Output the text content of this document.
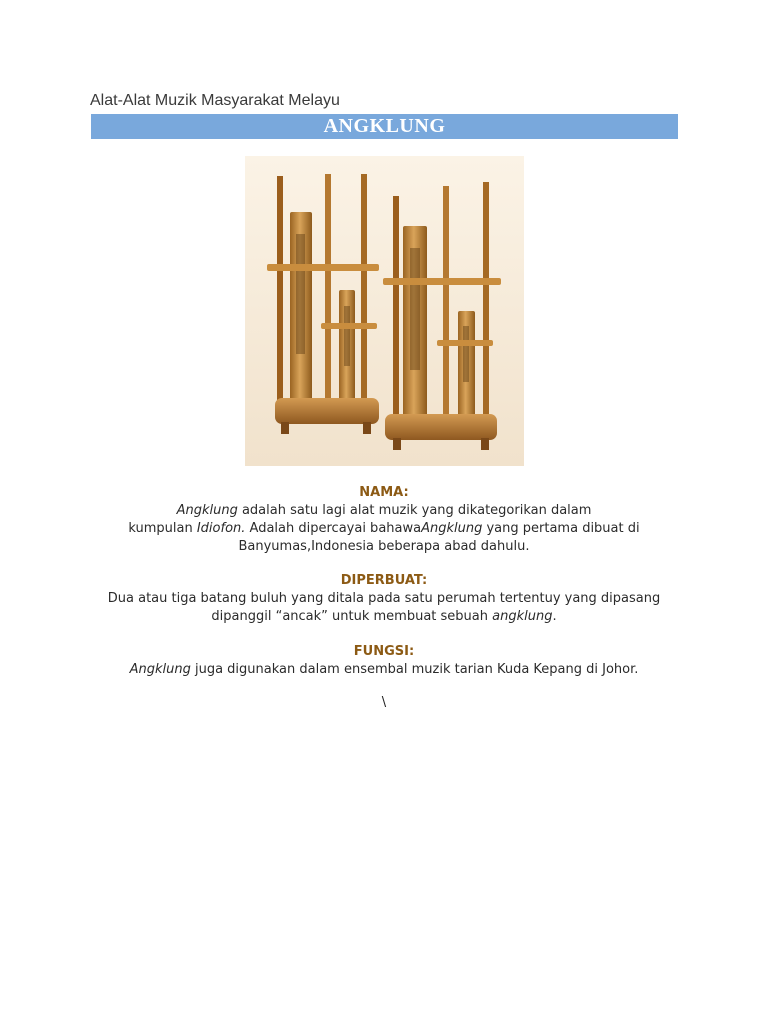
Alat-Alat Muzik Masyarakat Melayu
ANGKLUNG
NAMA:
Angklung adalah satu lagi alat muzik yang dikategorikan dalam
kumpulan Idiofon. Adalah dipercayai bahawaAngklung yang pertama dibuat di
Banyumas,Indonesia beberapa abad dahulu.
DIPERBUAT:
Dua atau tiga batang buluh yang ditala pada satu perumah tertentuy yang dipasang
dipanggil “ancak” untuk membuat sebuah angklung.
FUNGSI:
Angklung juga digunakan dalam ensembal muzik tarian Kuda Kepang di Johor.
\
